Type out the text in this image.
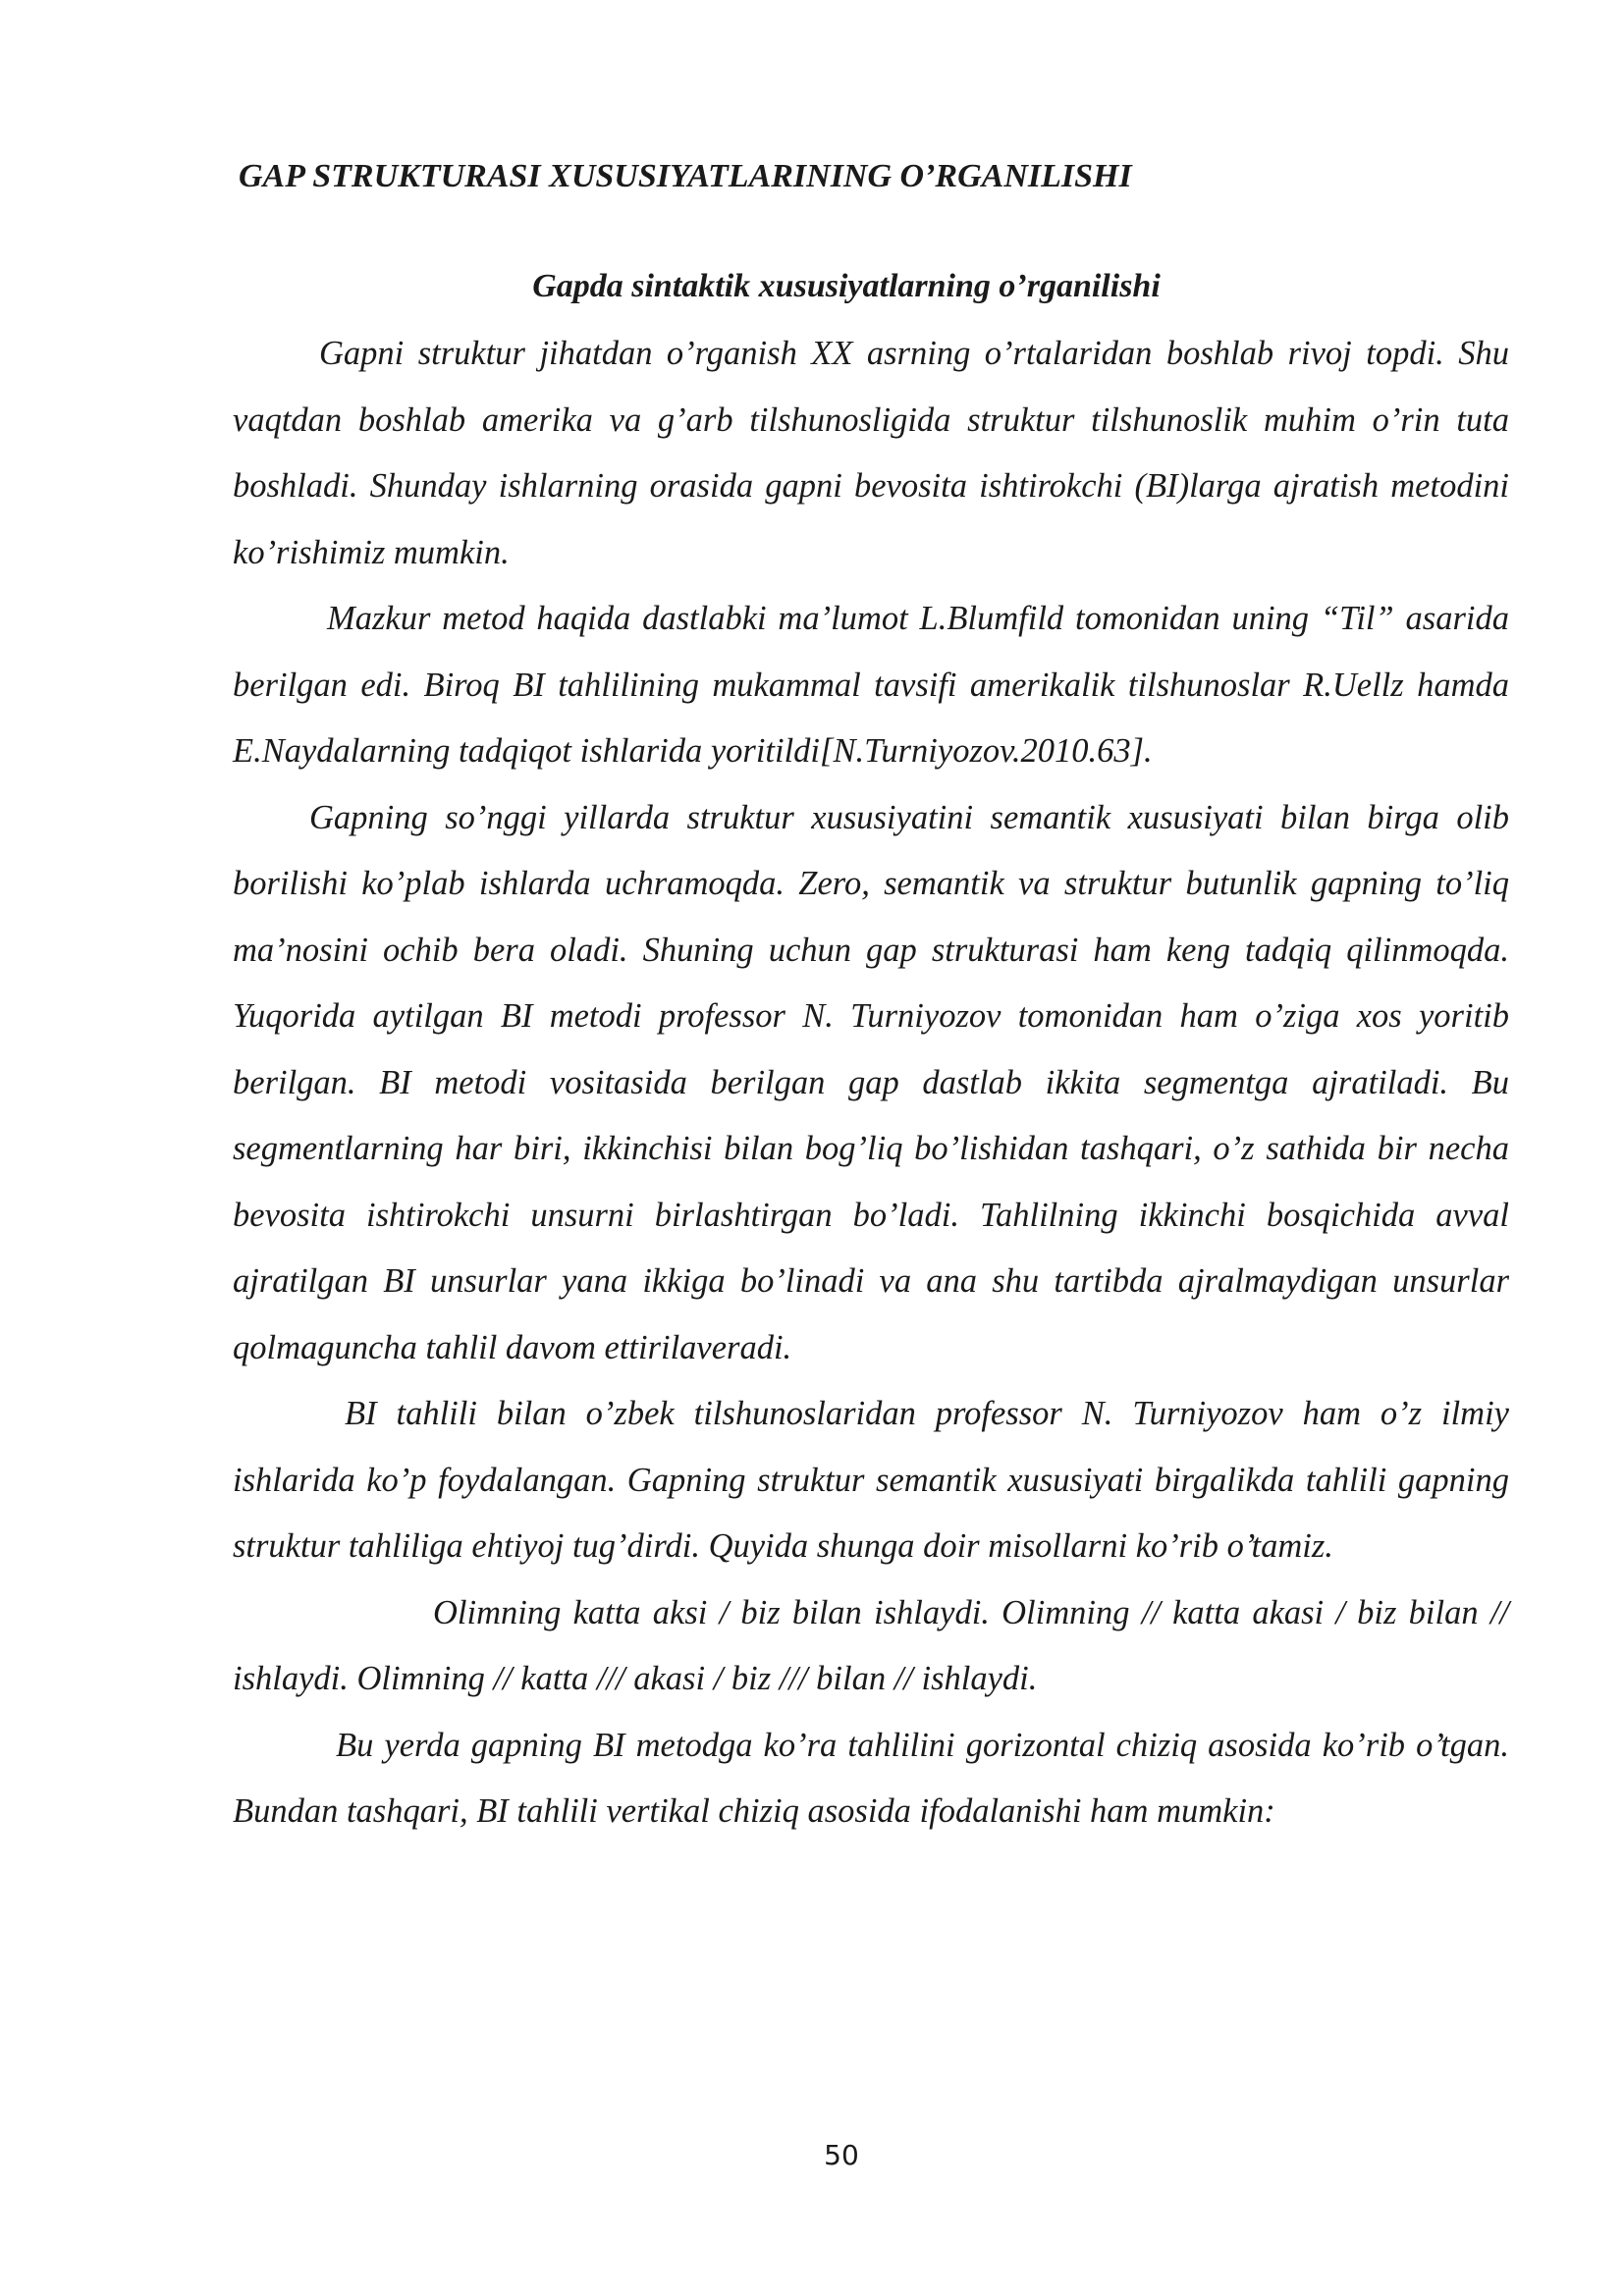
GAP STRUKTURASI XUSUSIYATLARINING O’RGANILISHI
Gapda sintaktik xususiyatlarning o’rganilishi

Gapni struktur jihatdan o’rganish XX asrning o’rtalaridan boshlab rivoj topdi. Shu vaqtdan boshlab amerika va g’arb tilshunosligida struktur tilshunoslik muhim o’rin tuta boshladi. Shunday ishlarning orasida gapni bevosita ishtirokchi (BI)larga ajratish metodini ko’rishimiz mumkin.

Mazkur metod haqida dastlabki ma’lumot L.Blumfild tomonidan uning “Til” asarida berilgan edi. Biroq BI tahlilining mukammal tavsifi amerikalik tilshunoslar R.Uellz hamda E.Naydalarning tadqiqot ishlarida yoritildi[N.Turniyozov.2010.63].

Gapning so’nggi yillarda struktur xususiyatini semantik xususiyati bilan birga olib borilishi ko’plab ishlarda uchramoqda. Zero, semantik va struktur butunlik gapning to’liq ma’nosini ochib bera oladi. Shuning uchun gap strukturasi ham keng tadqiq qilinmoqda. Yuqorida aytilgan BI metodi professor N. Turniyozov tomonidan ham o’ziga xos yoritib berilgan. BI metodi vositasida berilgan gap dastlab ikkita segmentga ajratiladi. Bu segmentlarning har biri, ikkinchisi bilan bog’liq bo’lishidan tashqari, o’z sathida bir necha bevosita ishtirokchi unsurni birlashtirgan bo’ladi. Tahlilning ikkinchi bosqichida avval ajratilgan BI unsurlar yana ikkiga bo’linadi va ana shu tartibda ajralmaydigan unsurlar qolmaguncha tahlil davom ettirilaveradi.

BI tahlili bilan o’zbek tilshunoslaridan professor N. Turniyozov ham o’z ilmiy ishlarida ko’p foydalangan. Gapning struktur semantik xususiyati birgalikda tahlili gapning struktur tahliliga ehtiyoj tug’dirdi. Quyida shunga doir misollarni ko’rib o’tamiz.

Olimning katta aksi / biz bilan ishlaydi. Olimning // katta akasi / biz bilan // ishlaydi. Olimning // katta /// akasi / biz /// bilan // ishlaydi.

Bu yerda gapning BI metodga ko’ra tahlilini gorizontal chiziq asosida ko’rib o’tgan. Bundan tashqari, BI tahlili vertikal chiziq asosida ifodalanishi ham mumkin:

50
